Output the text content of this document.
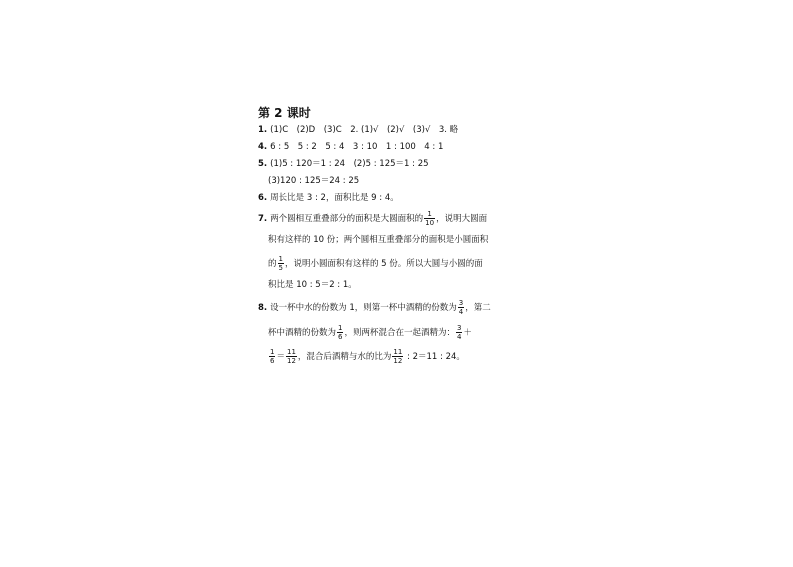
第 2 课时
1. (1)C　(2)D　(3)C　2. (1)√　(2)√　(3)√　3. 略
4. 6 : 5　5 : 2　5 : 4　3 : 10　1 : 100　4 : 1
5. (1)5 : 120＝1 : 24　(2)5 : 125＝1 : 25
(3)120 : 125＝24 : 25
6. 周长比是 3 : 2，面积比是 9 : 4。
7. 两个圆相互重叠部分的面积是大圆面积的 $\frac{1}{10}$ ，说明大圆面
积有这样的 10 份；两个圆相互重叠部分的面积是小圆面积
的 $\frac{1}{5}$ ，说明小圆面积有这样的 5 份。所以大圆与小圆的面
积比是 10 : 5＝2 : 1。
8. 设一杯中水的份数为 1，则第一杯中酒精的份数为 $\frac{3}{4}$ ，第二
杯中酒精的份数为 $\frac{1}{6}$ ，则两杯混合在一起酒精为： $\frac{3}{4}$ ＋
$\frac{1}{6} = \frac{11}{12}$ ，混合后酒精与水的比为 $\frac{11}{12}$ : 2＝11 : 24。
